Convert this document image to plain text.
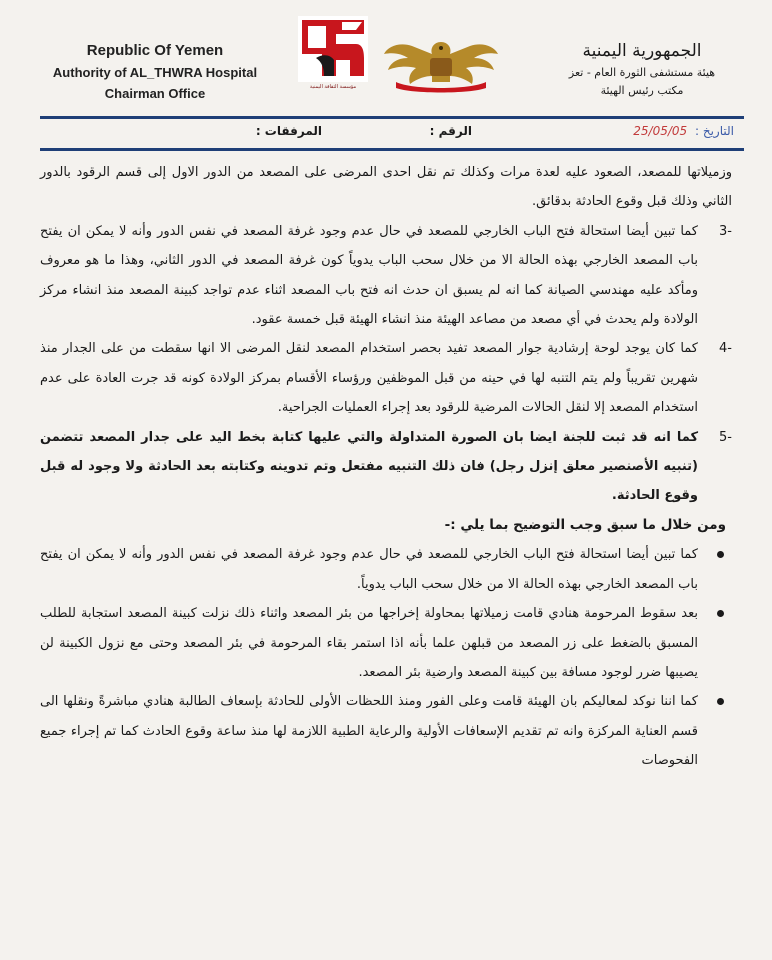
Republic Of Yemen
Authority of AL_THWRA Hospital
Chairman Office	مؤسسة الثقافة اليمنية
الجمهورية اليمنية
هيئة مستشفى الثورة العام - تعز
مكتب رئيس الهيئة
التاريخ : 25/05/05
الرقم :
المرفقات :

وزميلاتها للمصعد، الصعود عليه لعدة مرات وكذلك تم نقل احدى المرضى على المصعد من الدور الاول إلى قسم الرقود بالدور الثاني وذلك قبل وقوع الحادثة بدقائق.

-3

كما تبين أيضا استحالة فتح الباب الخارجي للمصعد في حال عدم وجود غرفة المصعد في نفس الدور وأنه لا يمكن ان يفتح باب المصعد الخارجي بهذه الحالة الا من خلال سحب الباب يدوياً كون غرفة المصعد في الدور الثاني، وهذا ما هو معروف ومأكد عليه مهندسي الصيانة كما انه لم يسبق ان حدث انه فتح باب المصعد اثناء عدم تواجد كبينة المصعد منذ انشاء مركز الولادة ولم يحدث في أي مصعد من مصاعد الهيئة منذ انشاء الهيئة قبل خمسة عقود.

-4

كما كان يوجد لوحة إرشادية جوار المصعد تفيد بحصر استخدام المصعد لنقل المرضى الا انها سقطت من على الجدار منذ شهرين تقريباً ولم يتم التنبه لها في حينه من قبل الموظفين ورؤساء الأقسام بمركز الولادة كونه قد جرت العادة على عدم استخدام المصعد إلا لنقل الحالات المرضية للرقود بعد إجراء العمليات الجراحية.

-5

كما انه قد ثبت للجنة ايضا بان الصورة المتداولة والتي عليها كتابة بخط اليد على جدار المصعد تتضمن (تنبيه الأصنصير معلق إنزل رجل) فان ذلك التنبيه مفتعل وتم تدوينه وكتابته بعد الحادثة ولا وجود له قبل وقوع الحادثة.

ومن خلال ما سبق وجب التوضيح بما يلي :-

كما تبين أيضا استحالة فتح الباب الخارجي للمصعد في حال عدم وجود غرفة المصعد في نفس الدور وأنه لا يمكن ان يفتح باب المصعد الخارجي بهذه الحالة الا من خلال سحب الباب يدوياً.

بعد سقوط المرحومة هنادي قامت زميلاتها بمحاولة إخراجها من بئر المصعد واثناء ذلك نزلت كبينة المصعد استجابة للطلب المسبق بالضغط على زر المصعد من قبلهن علما بأنه اذا استمر بقاء المرحومة في بئر المصعد وحتى مع نزول الكبينة لن يصيبها ضرر لوجود مسافة بين كبينة المصعد وارضية بئر المصعد.

كما اننا نوكد لمعاليكم بان الهيئة قامت وعلى الفور ومنذ اللحظات الأولى للحادثة بإسعاف الطالبة هنادي مباشرةً ونقلها الى قسم العناية المركزة وانه تم تقديم الإسعافات الأولية والرعاية الطبية اللازمة لها منذ ساعة وقوع الحادث كما تم إجراء جميع الفحوصات
